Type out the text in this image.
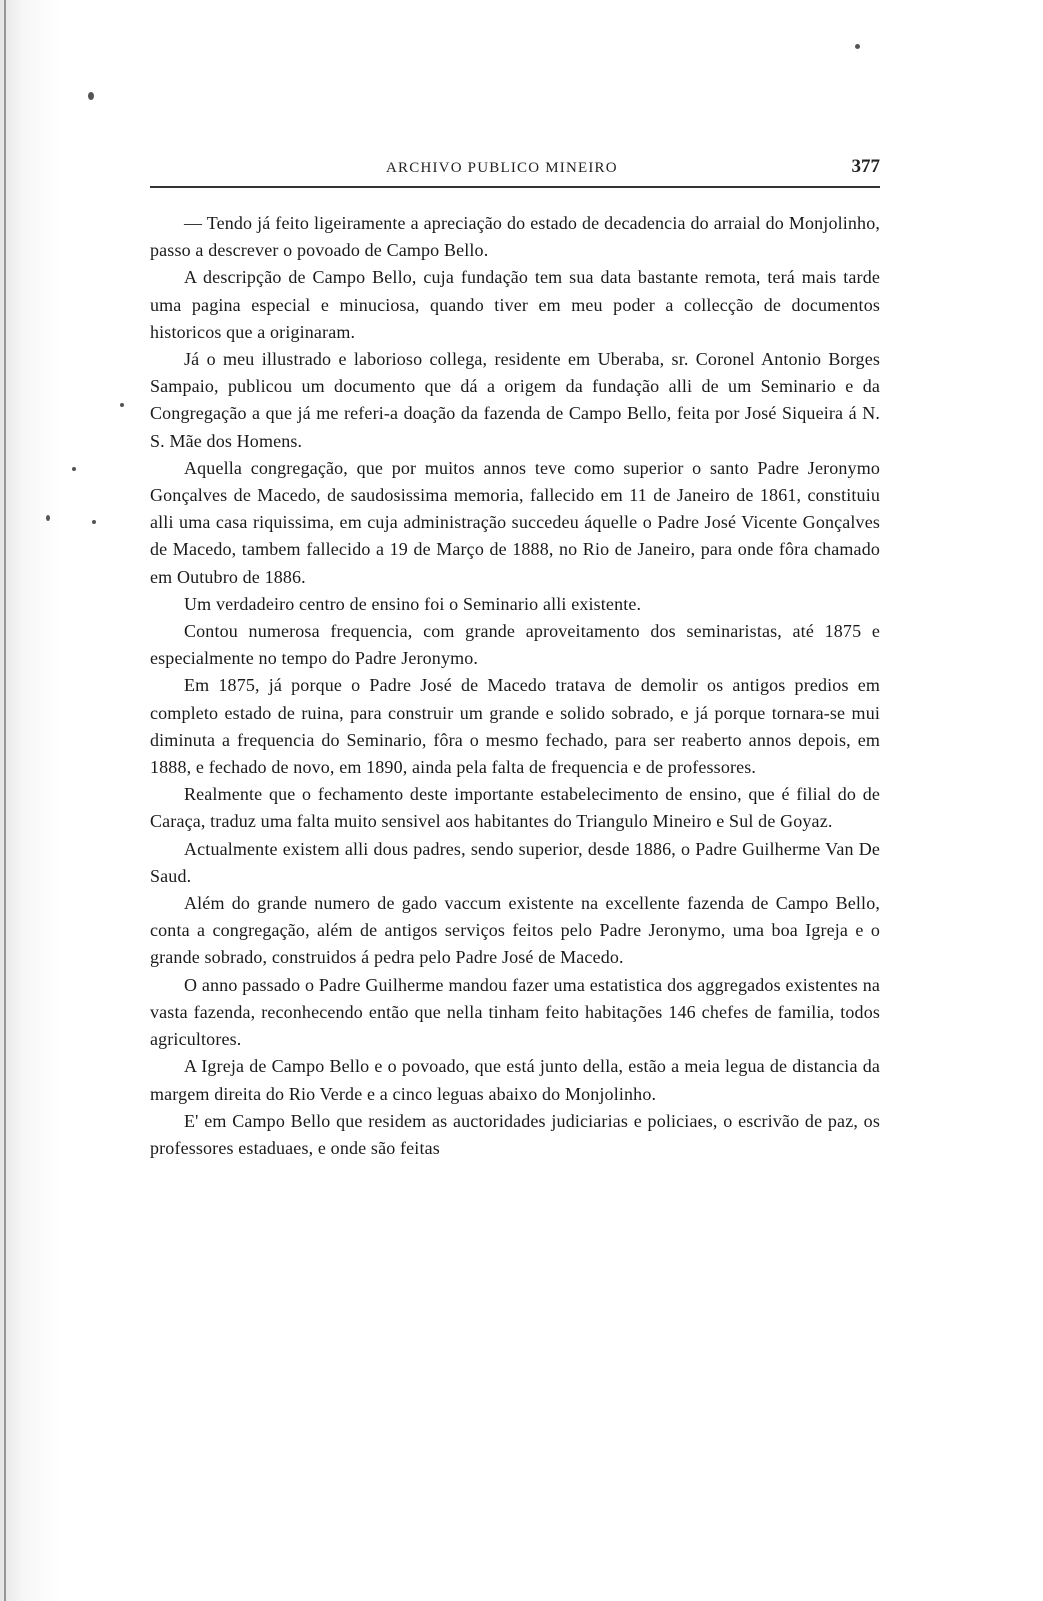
ARCHIVO PUBLICO MINEIRO	377

— Tendo já feito ligeiramente a apreciação do estado de decadencia do arraial do Monjolinho, passo a descrever o povoado de Campo Bello.

A descripção de Campo Bello, cuja fundação tem sua data bastante remota, terá mais tarde uma pagina especial e minuciosa, quando tiver em meu poder a collecção de documentos historicos que a originaram.

Já o meu illustrado e laborioso collega, residente em Uberaba, sr. Coronel Antonio Borges Sampaio, publicou um documento que dá a origem da fundação alli de um Seminario e da Congregação a que já me referi-a doação da fazenda de Campo Bello, feita por José Siqueira á N. S. Mãe dos Homens.

Aquella congregação, que por muitos annos teve como superior o santo Padre Jeronymo Gonçalves de Macedo, de saudosissima memoria, fallecido em 11 de Janeiro de 1861, constituiu alli uma casa riquissima, em cuja administração succedeu áquelle o Padre José Vicente Gonçalves de Macedo, tambem fallecido a 19 de Março de 1888, no Rio de Janeiro, para onde fôra chamado em Outubro de 1886.

Um verdadeiro centro de ensino foi o Seminario alli existente.

Contou numerosa frequencia, com grande aproveitamento dos seminaristas, até 1875 e especialmente no tempo do Padre Jeronymo.

Em 1875, já porque o Padre José de Macedo tratava de demolir os antigos predios em completo estado de ruina, para construir um grande e solido sobrado, e já porque tornara-se mui diminuta a frequencia do Seminario, fôra o mesmo fechado, para ser reaberto annos depois, em 1888, e fechado de novo, em 1890, ainda pela falta de frequencia e de professores.

Realmente que o fechamento deste importante estabelecimento de ensino, que é filial do de Caraça, traduz uma falta muito sensivel aos habitantes do Triangulo Mineiro e Sul de Goyaz.

Actualmente existem alli dous padres, sendo superior, desde 1886, o Padre Guilherme Van De Saud.

Além do grande numero de gado vaccum existente na excellente fazenda de Campo Bello, conta a congregação, além de antigos serviços feitos pelo Padre Jeronymo, uma boa Igreja e o grande sobrado, construidos á pedra pelo Padre José de Macedo.

O anno passado o Padre Guilherme mandou fazer uma estatistica dos aggregados existentes na vasta fazenda, reconhecendo então que nella tinham feito habitações 146 chefes de familia, todos agricultores.

A Igreja de Campo Bello e o povoado, que está junto della, estão a meia legua de distancia da margem direita do Rio Verde e a cinco leguas abaixo do Monjolinho.

E' em Campo Bello que residem as auctoridades judiciarias e policiaes, o escrivão de paz, os professores estaduaes, e onde são feitas
